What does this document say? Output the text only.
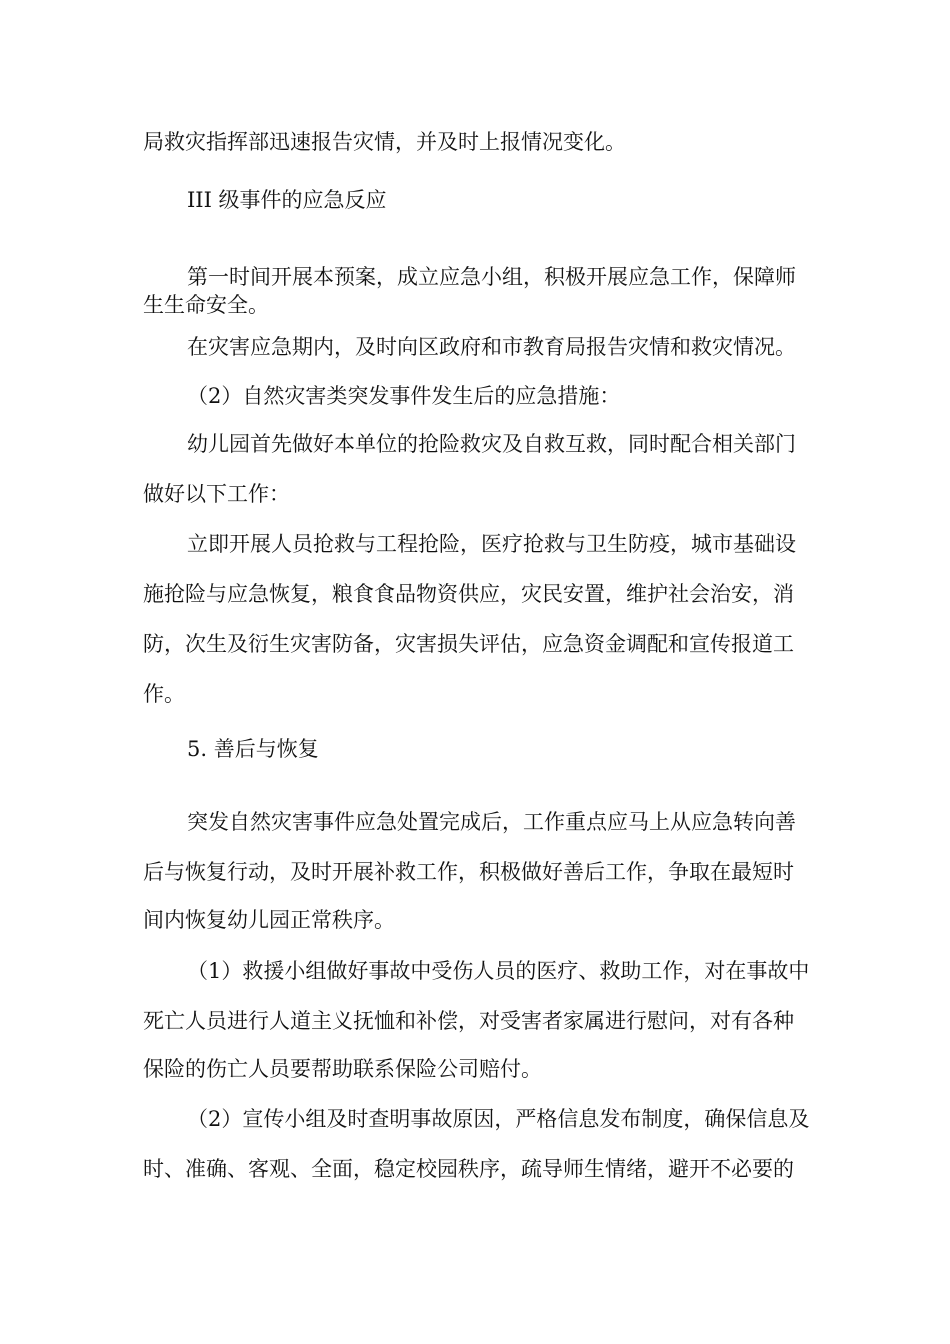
局救灾指挥部迅速报告灾情，并及时上报情况变化。
III 级事件的应急反应
第一时间开展本预案，成立应急小组，积极开展应急工作，保障师
生生命安全。
在灾害应急期内，及时向区政府和市教育局报告灾情和救灾情况。
（2）自然灾害类突发事件发生后的应急措施：
幼儿园首先做好本单位的抢险救灾及自救互救，同时配合相关部门
做好以下工作：
立即开展人员抢救与工程抢险，医疗抢救与卫生防疫，城市基础设
施抢险与应急恢复，粮食食品物资供应，灾民安置，维护社会治安，消
防，次生及衍生灾害防备，灾害损失评估，应急资金调配和宣传报道工
作。
5. 善后与恢复
突发自然灾害事件应急处置完成后，工作重点应马上从应急转向善
后与恢复行动，及时开展补救工作，积极做好善后工作，争取在最短时
间内恢复幼儿园正常秩序。
（1）救援小组做好事故中受伤人员的医疗、救助工作，对在事故中
死亡人员进行人道主义抚恤和补偿，对受害者家属进行慰问，对有各种
保险的伤亡人员要帮助联系保险公司赔付。
（2）宣传小组及时查明事故原因，严格信息发布制度，确保信息及
时、准确、客观、全面，稳定校园秩序，疏导师生情绪，避开不必要的
